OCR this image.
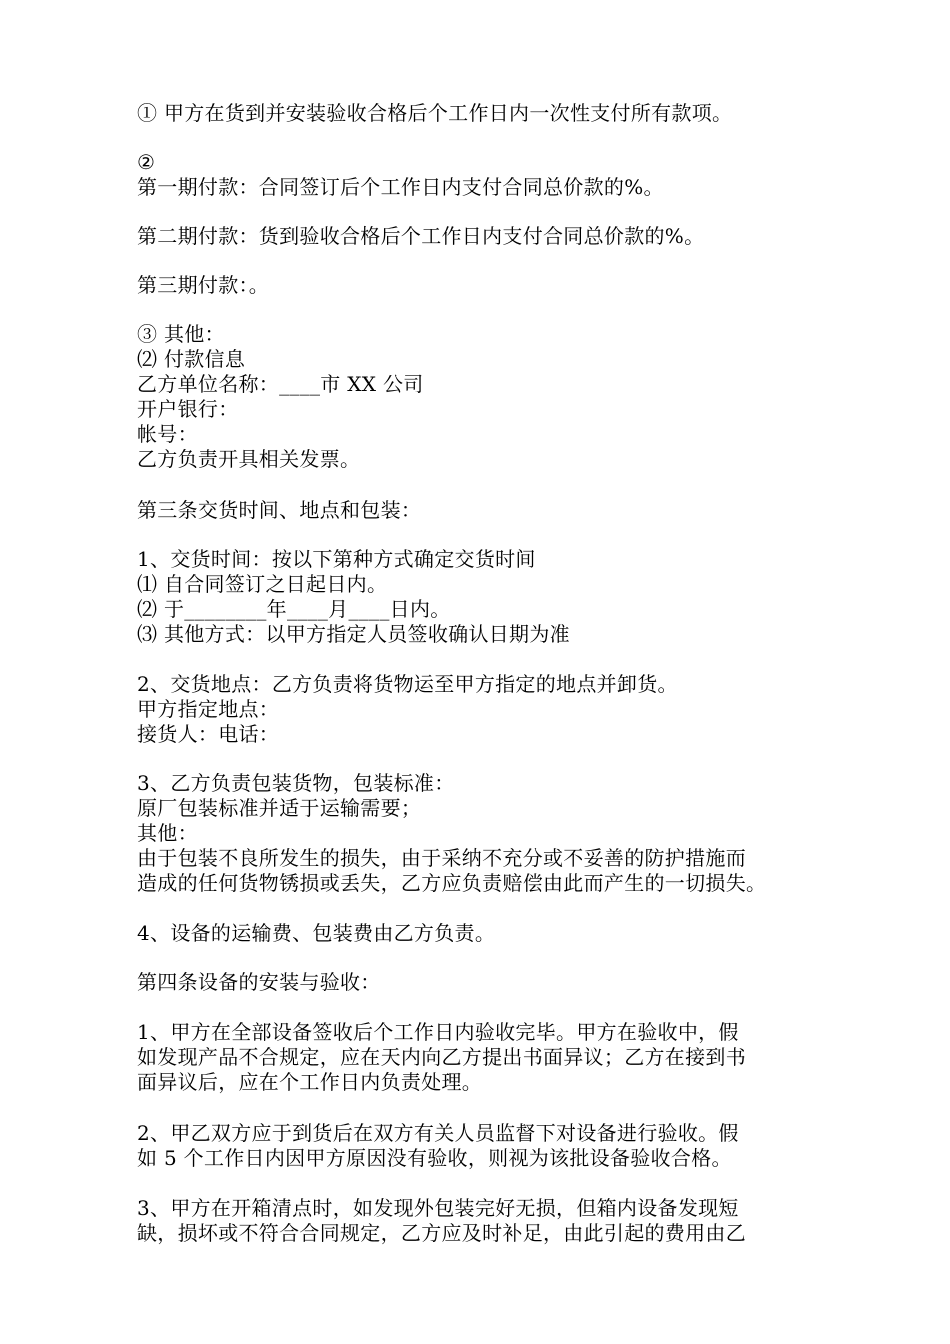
① 甲方在货到并安装验收合格后个工作日内一次性支付所有款项。
②
第一期付款：合同签订后个工作日内支付合同总价款的%。
第二期付款：货到验收合格后个工作日内支付合同总价款的%。
第三期付款：。
③ 其他：
⑵ 付款信息
乙方单位名称：____市 XX 公司
开户银行：
帐号：
乙方负责开具相关发票。
第三条交货时间、地点和包装：
1、交货时间：按以下第种方式确定交货时间
⑴ 自合同签订之日起日内。
⑵ 于________年____月____日内。
⑶ 其他方式：以甲方指定人员签收确认日期为准
2、交货地点：乙方负责将货物运至甲方指定的地点并卸货。
甲方指定地点：
接货人：电话：
3、乙方负责包装货物，包装标准：
原厂包装标准并适于运输需要；
其他：
由于包装不良所发生的损失，由于采纳不充分或不妥善的防护措施而
造成的任何货物锈损或丢失，乙方应负责赔偿由此而产生的一切损失。
4、设备的运输费、包装费由乙方负责。
第四条设备的安装与验收：
1、甲方在全部设备签收后个工作日内验收完毕。甲方在验收中，假
如发现产品不合规定，应在天内向乙方提出书面异议；乙方在接到书
面异议后，应在个工作日内负责处理。
2、甲乙双方应于到货后在双方有关人员监督下对设备进行验收。假
如 5 个工作日内因甲方原因没有验收，则视为该批设备验收合格。
3、甲方在开箱清点时，如发现外包装完好无损，但箱内设备发现短
缺，损坏或不符合合同规定，乙方应及时补足，由此引起的费用由乙
